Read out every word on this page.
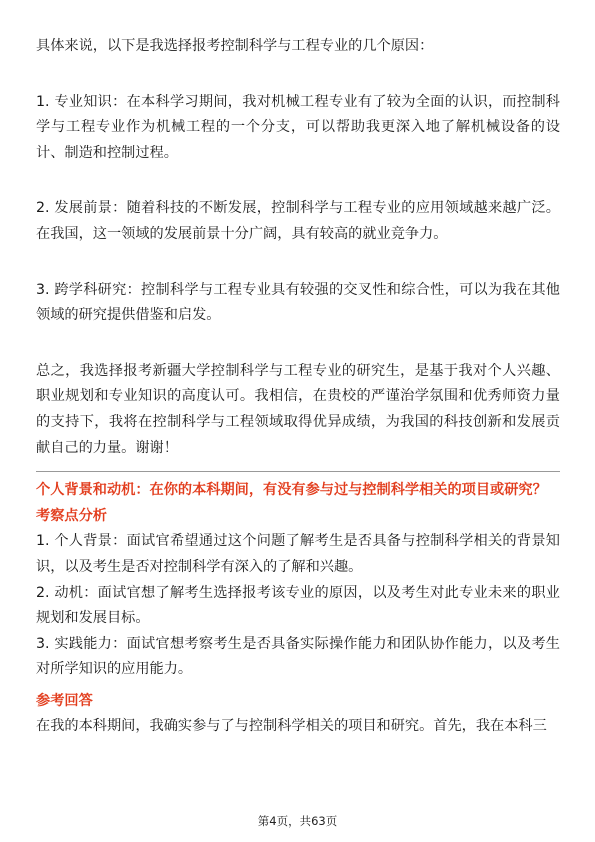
具体来说，以下是我选择报考控制科学与工程专业的几个原因：

1. 专业知识：在本科学习期间，我对机械工程专业有了较为全面的认识，而控制科学与工程专业作为机械工程的一个分支，可以帮助我更深入地了解机械设备的设计、制造和控制过程。

2. 发展前景：随着科技的不断发展，控制科学与工程专业的应用领域越来越广泛。在我国，这一领域的发展前景十分广阔，具有较高的就业竞争力。

3. 跨学科研究：控制科学与工程专业具有较强的交叉性和综合性，可以为我在其他领域的研究提供借鉴和启发。

总之，我选择报考新疆大学控制科学与工程专业的研究生，是基于我对个人兴趣、职业规划和专业知识的高度认可。我相信，在贵校的严谨治学氛围和优秀师资力量的支持下，我将在控制科学与工程领域取得优异成绩，为我国的科技创新和发展贡献自己的力量。谢谢！

个人背景和动机：在你的本科期间，有没有参与过与控制科学相关的项目或研究？

考察点分析

1. 个人背景：面试官希望通过这个问题了解考生是否具备与控制科学相关的背景知识，以及考生是否对控制科学有深入的了解和兴趣。

2. 动机：面试官想了解考生选择报考该专业的原因，以及考生对此专业未来的职业规划和发展目标。

3. 实践能力：面试官想考察考生是否具备实际操作能力和团队协作能力，以及考生对所学知识的应用能力。

参考回答

在我的本科期间，我确实参与了与控制科学相关的项目和研究。首先，我在本科三

第4页，共63页
